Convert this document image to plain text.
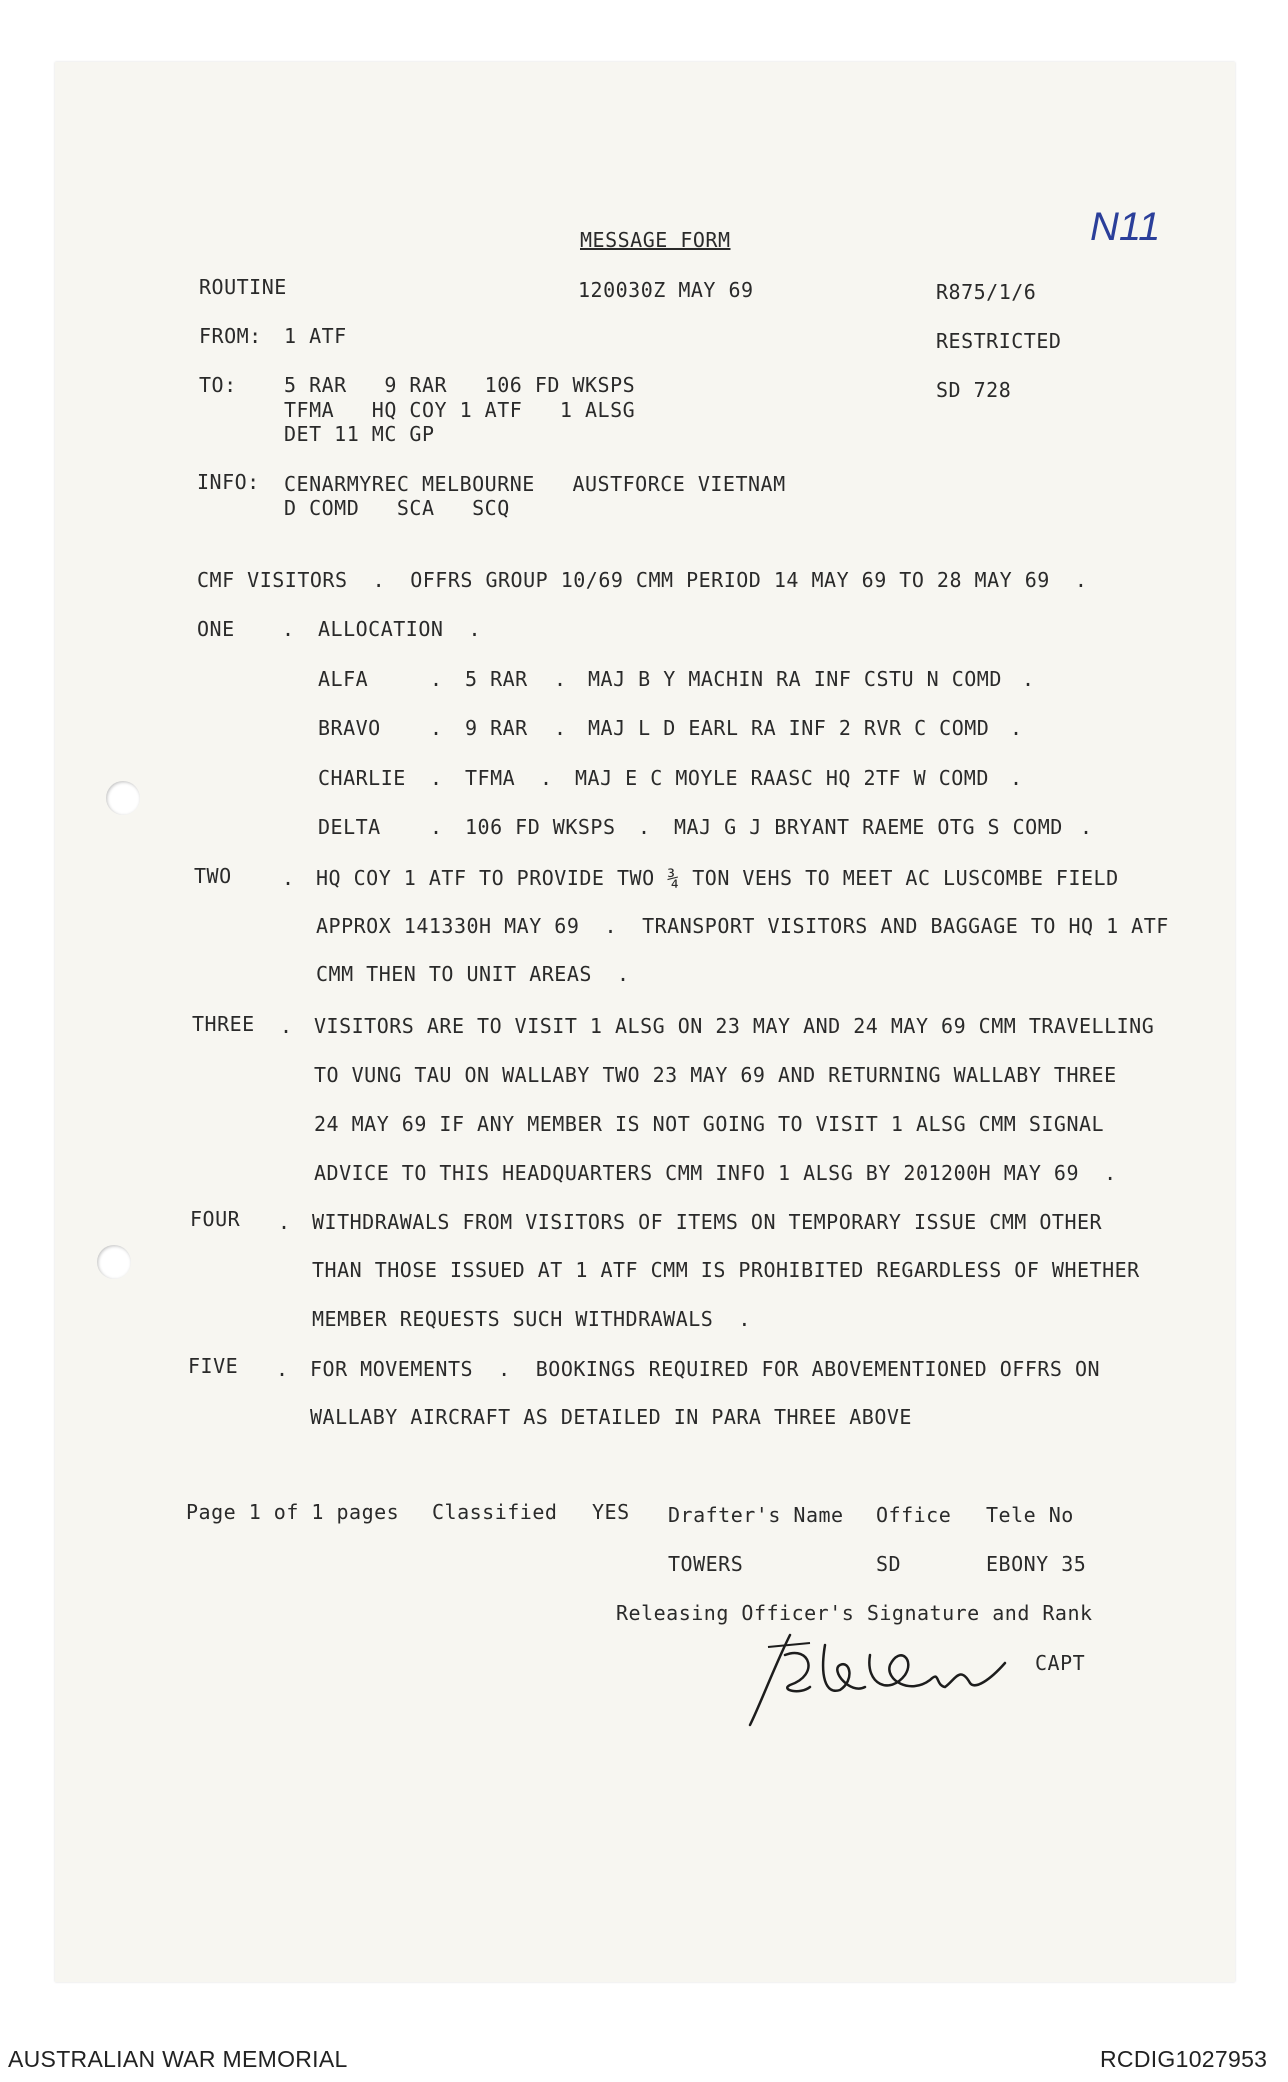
N11
MESSAGE FORM
ROUTINE	120030Z MAY 69	R875/1/6
FROM: 1 ATF	RESTRICTED
TO: 5 RAR   9 RAR   106 FD WKSPS
TFMA   HQ COY 1 ATF   1 ALSG
DET 11 MC GP
SD 728
INFO: CENARMYREC MELBOURNE   AUSTFORCE VIETNAM
D COMD   SCA   SCQ
CMF VISITORS  .  OFFRS GROUP 10/69 CMM PERIOD 14 MAY 69 TO 28 MAY 69  .
ONE . ALLOCATION  .
ALFA	. 5 RAR . MAJ B Y MACHIN RA INF CSTU N COMD .
BRAVO . 9 RAR . MAJ L D EARL RA INF 2 RVR C COMD .
CHARLIE . TFMA . MAJ E C MOYLE RAASC HQ 2TF W COMD .
DELTA . 106 FD WKSPS . MAJ G J BRYANT RAEME OTG S COMD .
TWO	. HQ COY 1 ATF TO PROVIDE TWO ¾ TON VEHS TO MEET AC LUSCOMBE FIELD
APPROX 141330H MAY 69  .  TRANSPORT VISITORS AND BAGGAGE TO HQ 1 ATF
CMM THEN TO UNIT AREAS  .
THREE . VISITORS ARE TO VISIT 1 ALSG ON 23 MAY AND 24 MAY 69 CMM TRAVELLING
TO VUNG TAU ON WALLABY TWO 23 MAY 69 AND RETURNING WALLABY THREE
24 MAY 69 IF ANY MEMBER IS NOT GOING TO VISIT 1 ALSG CMM SIGNAL
ADVICE TO THIS HEADQUARTERS CMM INFO 1 ALSG BY 201200H MAY 69  .
FOUR . WITHDRAWALS FROM VISITORS OF ITEMS ON TEMPORARY ISSUE CMM OTHER
THAN THOSE ISSUED AT 1 ATF CMM IS PROHIBITED REGARDLESS OF WHETHER
MEMBER REQUESTS SUCH WITHDRAWALS  .
FIVE . FOR MOVEMENTS  .  BOOKINGS REQUIRED FOR ABOVEMENTIONED OFFRS ON
WALLABY AIRCRAFT AS DETAILED IN PARA THREE ABOVE
Page 1 of 1 pages Classified YES Drafter's Name Office Tele No
TOWERS	SD	EBONY 35
Releasing Officer's Signature and Rank
CAPT
AUSTRALIAN WAR MEMORIAL	RCDIG1027953
